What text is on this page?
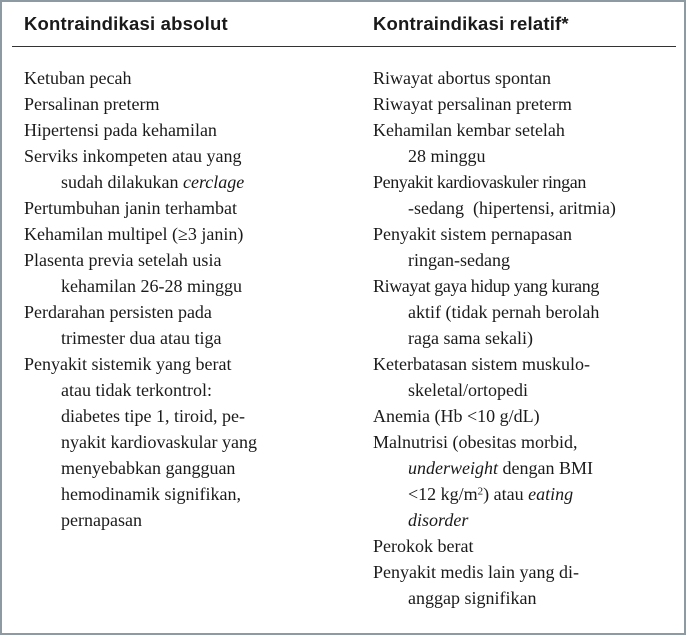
Kontraindikasi absolut	Kontraindikasi relatif*
Ketuban pecah
Persalinan preterm
Hipertensi pada kehamilan
Serviks inkompeten atau yang
sudah dilakukan cerclage
Pertumbuhan janin terhambat
Kehamilan multipel (≥3 janin)
Plasenta previa setelah usia
kehamilan 26-28 minggu
Perdarahan persisten pada
trimester dua atau tiga
Penyakit sistemik yang berat
atau tidak terkontrol:
diabetes tipe 1, tiroid, pe-
nyakit kardiovaskular yang
menyebabkan gangguan
hemodinamik signifikan,
pernapasan
Riwayat abortus spontan
Riwayat persalinan preterm
Kehamilan kembar setelah
28 minggu
Penyakit kardiovaskuler ringan
-sedang  (hipertensi, aritmia)
Penyakit sistem pernapasan
ringan-sedang
Riwayat gaya hidup yang kurang
aktif (tidak pernah berolah
raga sama sekali)
Keterbatasan sistem muskulo-
skeletal/ortopedi
Anemia (Hb <10 g/dL)
Malnutrisi (obesitas morbid,
underweight dengan BMI
<12 $kg/m^2$) atau eating
disorder
Perokok berat
Penyakit medis lain yang di-
anggap signifikan
